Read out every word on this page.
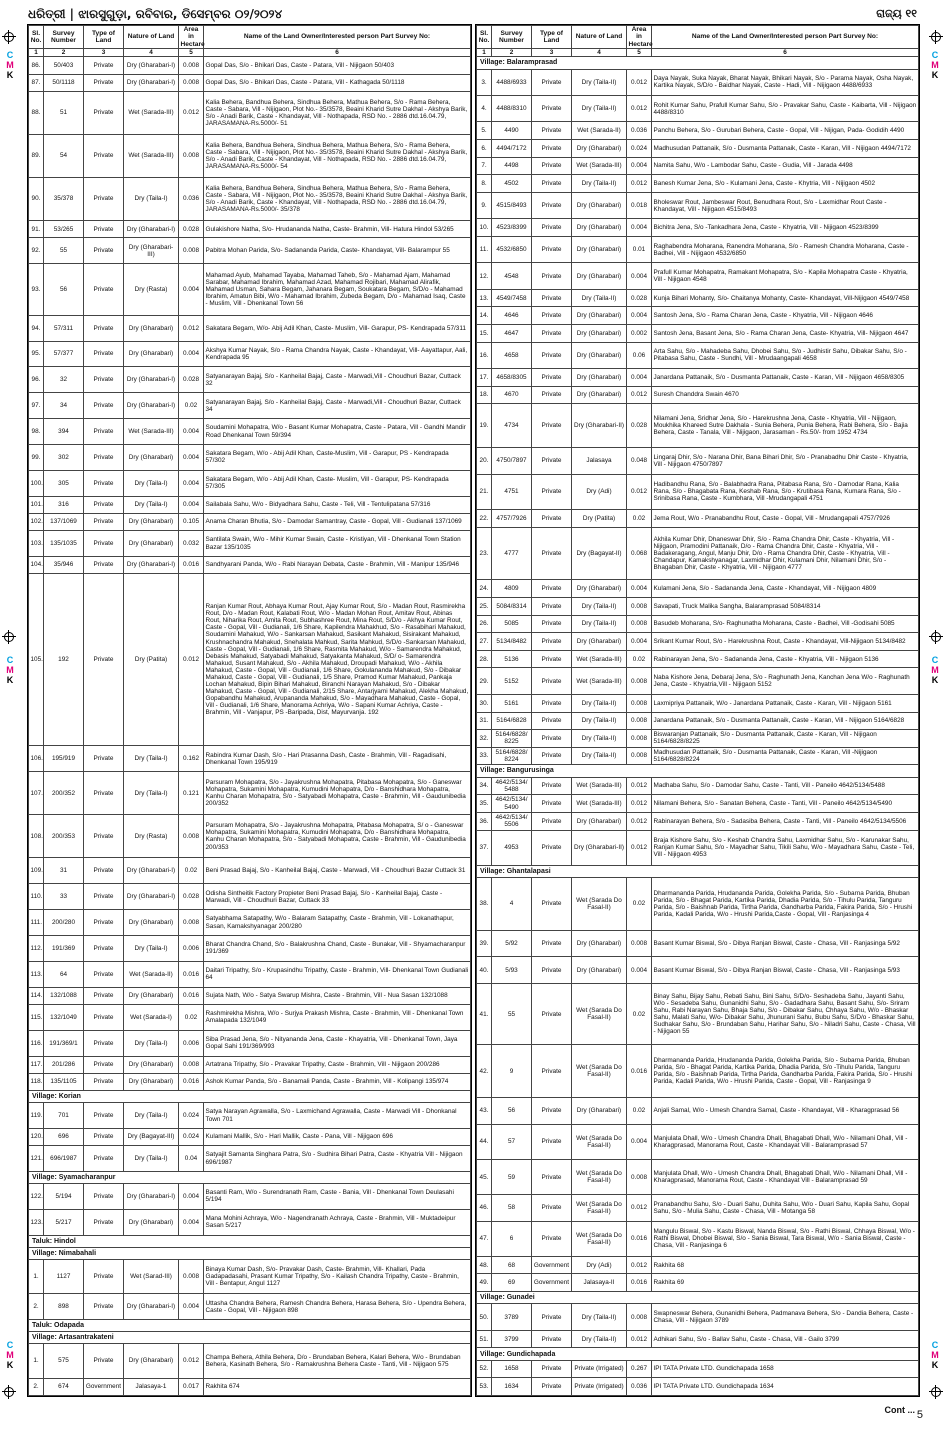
ଧରିତ୍ରୀ | ଝାରସୁଗୁଡ଼ା, ରବିବାର, ଡିସେମ୍ବର ୦୨/୨୦୨୪	ରାଜ୍ୟ ୧୧
C
M
K
C
M
K
C
M
K
C
M
K
C
M
K
C
M
K
Sl. No.	Survey Number	Type of Land	Nature of Land	Area in Hectare	Name of the Land Owner/Interested person Part Survey No:
1	2	3	4	5	6
86.	50/403	Private	Dry (Gharabari-I)	0.008	Gopal Das, S/o - Bhikari Das, Caste - Patara, Vill - Nijigaon 50/403
87.	50/1118	Private	Dry (Gharabari-I)	0.008	Gopal Das, S/o - Bhikari Das, Caste - Patara, Vill - Kathagada 50/1118
88.	51	Private	Wet (Sarada-III)	0.012	Kalia Behera, Bandhua Behera, Sindhua Behera, Mathua Behera, S/o - Rama Behera, Caste - Sabara, Vill - Nijigaon, Plot No.- 35/3578, Beaini Kharid Sutre Dakhal - Akshya Barik, S/o - Anadi Barik, Caste - Khandayat, Vill - Nothapada, RSD No. - 2886 dtd.16.04.79, JARASAMANA-Rs.5000/- 51
89.	54	Private	Wet (Sarada-III)	0.008	Kalia Behera, Bandhua Behera, Sindhua Behera, Mathua Behera, S/o - Rama Behera, Caste - Sabara, Vill - Nijigaon, Plot No.- 35/3578, Beaini Kharid Sutre Dakhal - Akshya Barik, S/o - Anadi Barik, Caste - Khandayat, Vill - Nothapada, RSD No. - 2886 dtd.16.04.79, JARASAMANA-Rs.5000/- 54
90.	35/378	Private	Dry (Taila-I)	0.036	Kalia Behera, Bandhua Behera, Sindhua Behera, Mathua Behera, S/o - Rama Behera, Caste - Sabara, Vill - Nijigaon, Plot No.- 35/3578, Beaini Kharid Sutre Dakhal - Akshya Barik, S/o - Anadi Barik, Caste - Khandayat, Vill - Nothapada, RSD No. - 2886 dtd.16.04.79, JARASAMANA-Rs.5000/- 35/378
91.	53/265	Private	Dry (Gharabari-I)	0.028	Gulakishore Natha, S/o- Hrudananda Natha, Caste- Brahmin, Vill- Hatura Hindol 53/265
92.	55	Private	Dry (Gharabari-III)	0.008	Pabitra Mohan Parida, S/o- Sadananda Parida, Caste- Khandayat, Vill- Balarampur 55
93.	56	Private	Dry (Rasta)	0.004	Mahamad Ayub, Mahamad Tayaba, Mahamad Taheb, S/o - Mahamad Ajam, Mahamad Sarabar, Mahamad Ibrahim, Mahamad Azad, Mahamad Rojibari, Mahamad Alirafik, Mahamad Usman, Sahara Begam, Jahanara Begam, Soukatara Begam, S/D/o - Mahamad Ibrahim, Amatun Bibi, W/o - Mahamad Ibrahim, Zubeda Begam, D/o - Mahamad Isaq, Caste - Muslim, Vill - Dhenkanal Town 56
94.	57/311	Private	Dry (Gharabari)	0.012	Sakatara Begam, W/o- Abij Adil Khan, Caste- Muslim, Vill- Garapur, PS- Kendrapada 57/311
95.	57/377	Private	Dry (Gharabari)	0.004	Akshya Kumar Nayak, S/o - Rama Chandra Nayak, Caste - Khandayat, Vill- Aayattapur, Aali, Kendrapada 95
96.	32	Private	Dry (Gharabari-I)	0.028	Satyanarayan Bajaj, S/o - Kanheilal Bajaj, Caste - Marwadi,Vill - Choudhuri Bazar, Cuttack 32
97.	34	Private	Dry (Gharabari-I)	0.02	Satyanarayan Bajaj, S/o - Kanheilal Bajaj, Caste - Marwadi,Vill - Choudhuri Bazar, Cuttack 34
98.	394	Private	Wet (Sarada-III)	0.004	Soudamini Mohapatra, W/o - Basant Kumar Mohapatra, Caste - Patara, Vill - Gandhi Mandir Road Dhenkanal Town 59/394
99.	302	Private	Dry (Gharabari)	0.004	Sakatara Begam, W/o - Abij Adil Khan, Caste-Muslim, Vill - Garapur, PS - Kendrapada 57/302
100.	305	Private	Dry (Taila-I)	0.004	Sakatara Begam, W/o - Abij Adil Khan, Caste- Muslim, Vill - Garapur, PS- Kendrapada 57/305
101.	316	Private	Dry (Taila-I)	0.004	Sailabala Sahu, W/o - Bidyadhara Sahu, Caste - Teli, Vill - Tentulipatana 57/316
102.	137/1069	Private	Dry (Gharabari)	0.105	Anama Charan Bhutia, S/o - Damodar Samantray, Caste - Gopal, Vill - Gudianali 137/1069
103.	135/1035	Private	Dry (Gharabari)	0.032	Santilata Swain, W/o - Mihir Kumar Swain, Caste - Kristiyan, Vill - Dhenkanal Town Station Bazar 135/1035
104.	35/946	Private	Dry (Gharabari-I)	0.016	Sandhyarani Panda, W/o - Rabi Narayan Debata, Caste - Brahmin, Vill - Manipur 135/946
105.	192	Private	Dry (Patita)	0.012	Ranjan Kumar Rout, Abhaya Kumar Rout, Ajay Kumar Rout, S/o - Madan Rout, Rasmirekha Rout, D/o - Madan Rout, Kalabati Rout, W/o - Madan Mohan Rout, Amitav Rout, Abinas Rout, Niharika Rout, Amita Rout, Subhashree Rout, Mina Rout, S/D/o - Akhya Kumar Rout, Caste - Gopal, Vill - Gudianali, 1/6 Share, Kapilendra Mahakhud, S/o - Rasabihari Mahakud, Soudamini Mahakud, W/o - Sankarsan Mahakud, Sasikant Mahakud, Sisirakant Mahakud, Krushnachandra Mahakud, Snehalata Mahkud, Sarita Mahkud, S/D/o -Sankarsan Mahakud, Caste - Gopal, Vill - Gudianali, 1/6 Share, Rasmita Mahakud, W/o - Samarendra Mahakud, Debasis Mahakud, Satyabadi Mahakud, Satyakanta Mahakud, S/D/ o- Samarendra Mahakud, Susant Mahakud, S/o - Akhila Mahakud, Droupadi Mahakud, W/o - Akhila Mahakud, Caste - Gopal, Vill - Gudianali, 1/6 Share, Gokulananda Mahakud, S/o - Dibakar Mahakud, Caste - Gopal, Vill - Gudianali, 1/5 Share, Pramod Kumar Mahakud, Pankaja Lochan Mahakud, Bipin Bihari Mahakud, Biranchi Narayan Mahakud, S/o - Dibakar Mahakud, Caste - Gopal, Vill - Gudianali, 2/15 Share, Antarjyami Mahakud, Alekha Mahakud, Gopabandhu Mahakud, Arupananda Mahakud, S/o - Mayadhara Mahakud, Caste - Gopal, Vill - Gudianali, 1/6 Share, Manorama Achriya, W/o - Sapani Kumar Achriya, Caste - Brahmin, Vill - Vanjapur, PS -Baripada, Dist, Mayurvanja. 192
106.	195/919	Private	Dry (Taila-I)	0.162	Rabindra Kumar Dash, S/o - Hari Prasanna Dash, Caste - Brahmin, Vill - Ragadisahi, Dhenkanal Town 195/919
107.	200/352	Private	Dry (Taila-I)	0.121	Parsuram Mohapatra, S/o - Jayakrushna Mohapatra, Pitabasa Mohapatra, S/o - Ganeswar Mohapatra, Sukamini Mohapatra, Kumudini Mohapatra, D/o - Banshidhara Mohapatra, Kanhu Charan Mohapatra, S/o - Satyabadi Mohapatra, Caste - Brahmin, Vill - Gaudunibedia 200/352
108.	200/353	Private	Dry (Rasta)	0.008	Parsuram Mohapatra, S/o - Jayakrushna Mohapatra, Pitabasa Mohapatra, S/ o - Ganeswar Mohapatra, Sukamini Mohapatra, Kumudini Mohapatra, D/o - Banshidhara Mohapatra, Kanhu Charan Mohapatra, S/o - Satyabadi Mohapatra, Caste - Brahmin, Vill - Gaudunibedia 200/353
109.	31	Private	Dry (Gharabari-I)	0.02	Beni Prasad Bajaj, S/o - Kanheilal Bajaj, Caste - Marwadi, Vill - Choudhuri Bazar Cuttack 31
110.	33	Private	Dry (Gharabari-I)	0.028	Odisha Sintheitik Factory Propieter Beni Prasad Bajaj, S/o - Kanheilal Bajaj, Caste - Marwadi, Vill - Choudhuri Bazar, Cuttack 33
111.	200/280	Private	Dry (Gharabari)	0.008	Satyabhama Satapathy, W/o - Balaram Satapathy, Caste - Brahmin, Vill - Lokanathapur, Sasan, Kamakshyanagar 200/280
112.	191/369	Private	Dry (Taila-I)	0.006	Bharat Chandra Chand, S/o - Balakrushna Chand, Caste - Bunakar, Vill - Shyamacharanpur 191/369
113.	64	Private	Wet (Sarada-II)	0.016	Daitari Tripathy, S/o - Krupasindhu Tripathy, Caste - Brahmin, Vill- Dhenkanal Town Gudianali 64
114.	132/1088	Private	Dry (Gharabari)	0.016	Sujata Nath, W/o - Satya Swarup Mishra, Caste - Brahmin, Vill - Nua Sasan 132/1088
115.	132/1049	Private	Wet (Sarada-I)	0.02	Rashmirekha Mishra, W/o - Surjya Prakash Mishra, Caste - Brahmin, Vill - Dhenkanal Town Amalapada 132/1049
116.	191/369/1	Private	Dry (Taila-I)	0.006	Siba Prasad Jena, S/o - Nityananda Jena, Caste - Khayatria, Vill - Dhenkanal Town, Jaya Gopal Sahi 191/369/993
117.	201/286	Private	Dry (Gharabari)	0.008	Artatrana Tripathy, S/o - Pravakar Tripathy, Caste - Brahmin, Vill - Nijigaon 200/286
118.	135/1105	Private	Dry (Gharabari)	0.016	Ashok Kumar Panda, S/o - Banamali Panda, Caste - Brahmin, Vill - Kolipangi 135/974
Village: Korian					
119.	701	Private	Dry (Taila-I)	0.024	Satya Narayan Agrawalla, S/o - Laxmichand Agrawalla, Caste - Marwadi Vill - Dhonkanal Town 701
120.	696	Private	Dry (Bagayat-III)	0.024	Kulamani Mallik, S/o - Hari Mallik, Caste - Pana, Vill - Nijigaon 696
121.	696/1987	Private	Dry (Taila-I)	0.04	Satyajit Samanta Singhara Patra, S/o - Sudhira Bihari Patra, Caste - Khyatria Vill - Nijigaon 696/1987
Village: Syamacharanpur					
122.	5/194	Private	Dry (Gharabari-I)	0.004	Basanti Ram, W/o - Surendranath Ram, Caste - Bania, Vill - Dhenkanal Town Deulasahi 5/194
123.	5/217	Private	Dry (Gharabari)	0.004	Mana Mohini Achraya, W/o - Nagendranath Achraya, Caste - Brahmin, Vill - Muktadeipur Sasan 5/217
Taluk: Hindol					
Village: Nimabahali					
1.	1127	Private	Wet (Sarad-III)	0.008	Binaya Kumar Dash, S/o- Pravakar Dash, Caste- Brahmin, Vill- Khallari, Pada Gadapadasahi, Prasant Kumar Tripathy, S/o - Kailash Chandra Tripathy, Caste - Brahmin, Vill - Bentapur, Angul 1127
2.	898	Private	Dry (Gharabari-I)	0.004	Uttasha Chandra Behera, Ramesh Chandra Behera, Harasa Behera, S/o - Upendra Behera, Caste - Gopal, Vill - Nijigaon 898
Taluk: Odapada					
Village: Artasantrakateni					
1.	575	Private	Dry (Gharabari)	0.012	Champa Behera, Athila Behera, D/o - Brundaban Behera, Kalari Behera, W/o - Brundaban Behera, Kasinath Behera, S/o - Ramakrushna Behera Caste - Tanti, Vill - Nijigaon 575
2.	674	Government	Jalasaya-1	0.017	Rakhita 674
Sl. No.	Survey Number	Type of Land	Nature of Land	Area in Hectare	Name of the Land Owner/Interested person Part Survey No:
1	2	3	4	5	6
Village: Balaramprasad					
3.	4488/6933	Private	Dry (Taila-II)	0.012	Daya Nayak, Suka Nayak, Bharat Nayak, Bhikari Nayak, S/o - Parama Nayak, Osha Nayak, Kartika Nayak, S/D/o - Baidhar Nayak, Caste - Hadi, Vill - Nijigaon 4488/6933
4.	4488/8310	Private	Dry (Taila-II)	0.012	Rohit Kumar Sahu, Prafull Kumar Sahu, S/o - Pravakar Sahu, Caste - Kaibarta, Vill - Nijigaon 4488/8310
5.	4490	Private	Wet (Sarada-II)	0.036	Panchu Behera, S/o - Gurubari Behera, Caste - Gopal, Vill - Nijigan, Pada- Godidih 4490
6.	4494/7172	Private	Dry (Gharabari)	0.024	Madhusudan Pattanaik, S/o - Dusmanta Pattanaik, Caste - Karan, Vill - Nijigaon 4494/7172
7.	4498	Private	Wet (Sarada-III)	0.004	Namita Sahu, W/o - Lambodar Sahu, Caste - Gudia, Vill - Jarada 4498
8.	4502	Private	Dry (Taila-II)	0.012	Banesh Kumar Jena, S/o - Kulamani Jena, Caste - Khytria, Vill - Nijigaon 4502
9.	4515/8493	Private	Dry (Gharabari)	0.018	Bholeswar Rout, Jambeswar Rout, Benudhara Rout, S/o - Laxmidhar Rout Caste - Khandayat, Vill - Nijigaon 4515/8493
10.	4523/8399	Private	Dry (Gharabari)	0.004	Bichitra Jena, S/o -Tankadhara Jena, Caste - Khyatria, Vill - Nijigaon 4523/8399
11.	4532/6850	Private	Dry (Gharabari)	0.01	Raghabendra Moharana, Ranendra Moharana, S/o - Ramesh Chandra Moharana, Caste - Badhei, Vill - Nijigaon 4532/6850
12.	4548	Private	Dry (Gharabari)	0.004	Prafull Kumar Mohapatra, Ramakant Mohapatra, S/o - Kapila Mohapatra Caste - Khyatria, Vill - Nijigaon 4548
13.	4549/7458	Private	Dry (Taila-II)	0.028	Kunja Bihari Mohanty, S/o- Chaitanya Mohanty, Caste- Khandayat, Vill-Nijigaon 4549/7458
14.	4646	Private	Dry (Gharabari)	0.004	Santosh Jena, S/o - Rama Charan Jena, Caste - Khyatria, Vill - Nijigaon 4646
15.	4647	Private	Dry (Gharabari)	0.002	Santosh Jena, Basant Jena, S/o - Rama Charan Jena, Caste- Khyatria, Vill- Nijigaon 4647
16.	4658	Private	Dry (Gharabari)	0.06	Arta Sahu, S/o - Mahadeba Sahu, Dhobei Sahu, S/o - Judhistir Sahu, Dibakar Sahu, S/o - Pitabasa Sahu, Caste - Sundhi, Vill - Mrudaangapali 4658
17.	4658/8305	Private	Dry (Gharabari)	0.004	Janardana Pattanaik, S/o - Dusmanta Pattanaik, Caste - Karan, Vill - Nijigaon 4658/8305
18.	4670	Private	Dry (Gharabari)	0.012	Suresh Chanddra Swain 4670
19.	4734	Private	Dry (Gharabari-II)	0.028	Nilamani Jena, Sridhar Jena, S/o - Harekrushna Jena, Caste - Khyatria, Vill - Nijigaon, Moukhika Khareed Sutre Dakhala - Sunia Behera, Punia Behera, Rabi Behera, S/o - Bajia Behera, Caste - Tanala, Vill - Nijigaon, Jarasaman - Rs.50/- from 1952 4734
20.	4750/7897	Private	Jalasaya	0.048	Lingaraj Dhir, S/o - Narana Dhir, Bana Bihari Dhir, S/o - Pranabadhu Dhir Caste - Khyatria, Vill - Nijigaon 4750/7897
21.	4751	Private	Dry (Adi)	0.012	Hadibandhu Rana, S/o - Balabhadra Rana, Pitabasa Rana, S/o - Damodar Rana, Kalia Rana, S/o - Bhagabata Rana, Keshab Rana, S/o - Krutibasa Rana, Kumara Rana, S/o - Srinibasa Rana, Caste - Kumbhara, Vill -Mrudangapali 4751
22.	4757/7926	Private	Dry (Patita)	0.02	Jema Rout, W/o - Pranabandhu Rout, Caste - Gopal, Vill - Mrudangapali 4757/7926
23.	4777	Private	Dry (Bagayat-II)	0.068	Akhila Kumar Dhir, Dhaneswar Dhir, S/o - Rama Chandra Dhir, Caste - Khyatria, Vill - Nijigaon, Pramodini Pattanaik, D/o - Rama Chandra Dhir, Caste - Khyatria, Vill - Badakeragang, Angul, Manju Dhir, D/o - Rama Chandra Dhir, Caste - Khyatria, Vill - Chandapur, Kamakshyanagar, Laxmidhar Dhir, Kulamani Dhir, Nilamani Dhir, S/o - Bhagaban Dhir, Caste - Khyatria, Vill - Nijigaon 4777
24.	4809	Private	Dry (Gharabari)	0.004	Kulamani Jena, S/o - Sadananda Jena, Caste - Khandayat, Vill - Nijigaon 4809
25.	5084/8314	Private	Dry (Taila-II)	0.008	Savapati, Truck Malika Sangha, Balaramprasad 5084/8314
26.	5085	Private	Dry (Taila-II)	0.008	Basudeb Moharana, S/o- Raghunatha Moharana, Caste - Badhei, Vill -Godisahi 5085
27.	5134/8482	Private	Dry (Gharabari)	0.004	Srikant Kumar Rout, S/o - Harekrushna Rout, Caste - Khandayat, Vill-Nijigaon 5134/8482
28.	5136	Private	Wet (Sarada-III)	0.02	Rabinarayan Jena, S/o - Sadananda Jena, Caste - Khyatria, Vill - Nijigaon 5136
29.	5152	Private	Wet (Sarada-III)	0.008	Naba Kishore Jena, Debaraj Jena, S/o - Raghunath Jena, Kanchan Jena W/o - Raghunath Jena, Caste - Khyatria,Vill - Nijigaon 5152
30.	5161	Private	Dry (Taila-II)	0.008	Laxmipriya Pattanaik, W/o - Janardana Pattanaik, Caste - Karan, Vill - Nijigaon 5161
31.	5164/6828	Private	Dry (Taila-II)	0.008	Janardana Pattanaik, S/o - Dusmanta Pattanaik, Caste - Karan, Vill - Nijigaon 5164/6828
32.	5164/6828/ 8225	Private	Dry (Taila-II)	0.008	Biswaranjan Pattanaik, S/o - Dusmanta Pattanaik, Caste - Karan, Vill - Nijigaon 5164/6828/8225
33.	5164/6828/ 8224	Private	Dry (Taila-II)	0.008	Madhusudan Pattanaik, S/o - Dusmanta Pattanaik, Caste - Karan, Vill -Nijigaon 5164/6828/8224
Village: Bangurusinga					
34.	4642/5134/ 5488	Private	Wet (Sarada-III)	0.012	Madhaba Sahu, S/o - Damodar Sahu, Caste - Tanti, Vill - Paneilo 4642/5134/5488
35.	4642/5134/ 5490	Private	Wet (Sarada-III)	0.012	Nilamani Behera, S/o - Sanatan Behera, Caste - Tanti, Vill - Paneilo 4642/5134/5490
36.	4642/5134/ 5506	Private	Dry (Gharabari)	0.012	Rabinarayan Behera, S/o - Sadasiba Behera, Caste - Tanti, Vill - Paneilo 4642/5134/5506
37.	4953	Private	Dry (Gharabari-II)	0.012	Braja Kishore Sahu, S/o - Keshab Chandra Sahu, Laxmidhar Sahu, S/o - Karunakar Sahu, Ranjan Kumar Sahu, S/o - Mayadhar Sahu, Tikili Sahu, W/o - Mayadhara Sahu, Caste - Teli, Vill - Nijigaon 4953
Village: Ghantalapasi					
38.	4	Private	Wet (Sarada Do Fasal-II)	0.02	Dharmananda Parida, Hrudananda Parida, Golekha Parida, S/o - Subarna Parida, Bhuban Parida, S/o - Bhagat Parida, Kartika Parida, Dhadia Parida, S/o - Tihulu Parida, Tanguru Parida, S/o - Baishnab Parida, Tirtha Parida, Gandharba Parida, Fakira Parida, S/o - Hrushi Parida, Kadali Parida, W/o - Hrushi Parida,Caste - Gopal, Vill - Ranjasinga 4
39.	5/92	Private	Dry (Gharabari)	0.008	Basant Kumar Biswal, S/o - Dibya Ranjan Biswal, Caste - Chasa, Vill - Ranjasinga 5/92
40.	5/93	Private	Dry (Gharabari)	0.004	Basant Kumar Biswal, S/o - Dibya Ranjan Biswal, Caste - Chasa, Vill - Ranjasinga 5/93
41.	55	Private	Wet (Sarada Do Fasal-II)	0.02	Binay Sahu, Bijay Sahu, Rebati Sahu, Bini Sahu, S/D/o- Seshadeba Sahu, Jayanti Sahu, W/o - Sesadeba Sahu, Gunanidhi Sahu, S/o - Gadadhara Sahu, Basant Sahu, S/o- Sriram Sahu, Rabi Narayan Sahu, Bhaja Sahu, S/o - Dibakar Sahu, Chhaya Sahu, W/o - Bhaskar Sahu, Malati Sahu, W/o- Dibakar Sahu, Jhunurani Sahu, Bubu Sahu, S/D/o - Bhaskar Sahu, Sudhakar Sahu, S/o - Brundaban Sahu, Harihar Sahu, S/o - Niladri Sahu, Caste - Chasa, Vill - Nijigaon 55
42.	9	Private	Wet (Sarada Do Fasal-II)	0.016	Dharmananda Parida, Hrudananda Parida, Golekha Parida, S/o - Subarna Parida, Bhuban Parida, S/o - Bhagat Parida, Kartika Parida, Dhadia Parida, S/o -Tihulu Parida, Tanguru Parida, S/o - Baishnab Parida, Tirtha Parida, Gandharba Parida, Fakira Parida, S/o - Hrushi Parida, Kadali Parida, W/o - Hrushi Parida, Caste - Gopal, Vill - Ranjasinga 9
43.	56	Private	Dry (Gharabari)	0.02	Anjali Samal, W/o - Umesh Chandra Samal, Caste - Khandayat, Vill - Kharagprasad 56
44.	57	Private	Wet (Sarada Do Fasal-II)	0.004	Manjulata Dhall, W/o - Umesh Chandra Dhall, Bhagabati Dhall, W/o - Nilamani Dhall, Vill - Kharagprasad, Manorama Rout, Caste - Khandayat Vill - Balaramprasad 57
45.	59	Private	Wet (Sarada Do Fasal-II)	0.008	Manjulata Dhall, W/o - Umesh Chandra Dhall, Bhagabati Dhall, W/o - Nilamani Dhall, Vill - Kharagprasad, Manorama Rout, Caste - Khandayat Vill - Balaramprasad 59
46.	58	Private	Wet (Sarada Do Fasal-II)	0.012	Pranabandhu Sahu, S/o - Duari Sahu, Duhita Sahu, W/o - Duari Sahu, Kapila Sahu, Gopal Sahu, S/o - Mulia Sahu, Caste - Chasa, Vill - Motanga 58
47.	6	Private	Wet (Sarada Do Fasal-II)	0.016	Mangulu Biswal, S/o - Kastu Biswal, Nanda Biswal, S/o - Rathi Biswal, Chhaya Biswal, W/o - Rathi Biswal, Dhobei Biswal, S/o - Sania Biswal, Tara Biswal, W/o - Sania Biswal, Caste - Chasa, Vill - Ranjasinga 6
48.	68	Government	Dry (Adi)	0.012	Rakhita 68
49.	69	Government	Jalasaya-II	0.016	Rakhita 69
Village: Gunadei					
50.	3789	Private	Dry (Taila-II)	0.008	Swapneswar Behera, Gunanidhi Behera, Padmanava Behera, S/o - Dandia Behera, Caste - Chasa, Vill - Nijigaon 3789
51.	3799	Private	Dry (Taila-II)	0.012	Adhikari Sahu, S/o - Ballav Sahu, Caste - Chasa, Vill - Gailo 3799
Village: Gundichapada					
52.	1658	Private	Private (Irrigated)	0.267	IPI TATA Private LTD. Gundichapada 1658
53.	1634	Private	Private (Irrigated)	0.036	IPI TATA Private LTD. Gundichapada 1634
Cont ... 5
